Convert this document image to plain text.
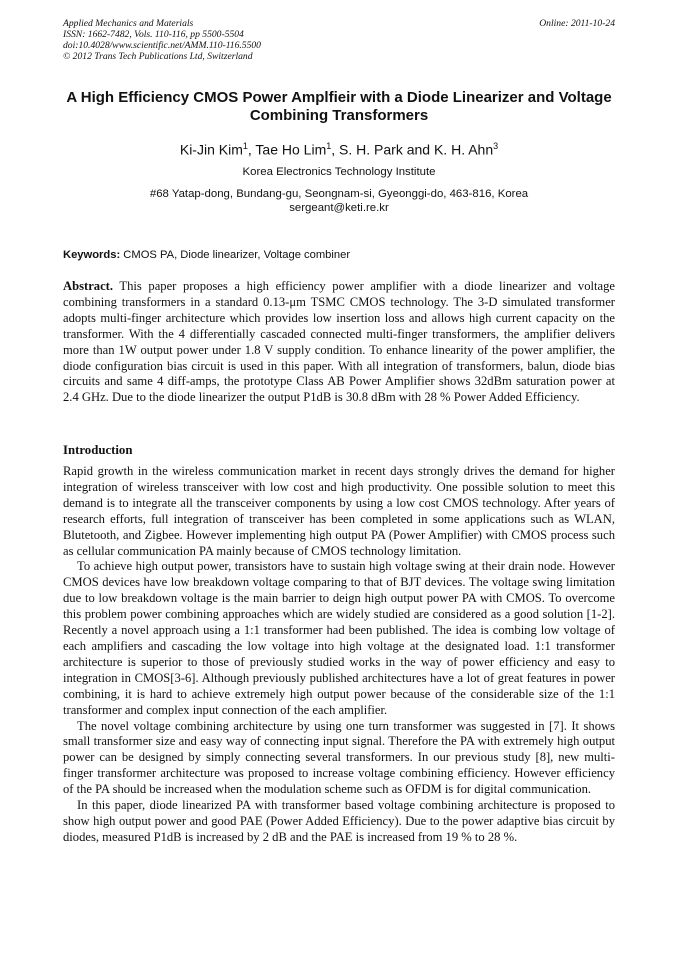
Applied Mechanics and Materials
ISSN: 1662-7482, Vols. 110-116, pp 5500-5504
doi:10.4028/www.scientific.net/AMM.110-116.5500
© 2012 Trans Tech Publications Ltd, Switzerland
Online: 2011-10-24
A High Efficiency CMOS Power Amplfieir with a Diode Linearizer and Voltage Combining Transformers
Ki-Jin Kim$^1$, Tae Ho Lim$^1$, S. H. Park and K. H. Ahn$^3$
Korea Electronics Technology Institute
#68 Yatap-dong, Bundang-gu, Seongnam-si, Gyeonggi-do, 463-816, Korea
sergeant@keti.re.kr
Keywords: CMOS PA, Diode linearizer, Voltage combiner

Abstract. This paper proposes a high efficiency power amplifier with a diode linearizer and voltage combining transformers in a standard 0.13-μm TSMC CMOS technology. The 3-D simulated transformer adopts multi-finger architecture which provides low insertion loss and allows high current capacity on the transformer. With the 4 differentially cascaded connected multi-finger transformers, the amplifier delivers more than 1W output power under 1.8 V supply condition. To enhance linearity of the power amplifier, the diode configuration bias circuit is used in this paper. With all integration of transformers, balun, diode bias circuits and same 4 diff-amps, the prototype Class AB Power Amplifier shows 32dBm saturation power at 2.4 GHz. Due to the diode linearizer the output P1dB is 30.8 dBm with 28 % Power Added Efficiency.

Introduction

Rapid growth in the wireless communication market in recent days strongly drives the demand for higher integration of wireless transceiver with low cost and high productivity. One possible solution to meet this demand is to integrate all the transceiver components by using a low cost CMOS technology. After years of research efforts, full integration of transceiver has been completed in some applications such as WLAN, Blutetooth, and Zigbee. However implementing high output PA (Power Amplifier) with CMOS process such as cellular communication PA mainly because of CMOS technology limitation.

To achieve high output power, transistors have to sustain high voltage swing at their drain node. However CMOS devices have low breakdown voltage comparing to that of BJT devices. The voltage swing limitation due to low breakdown voltage is the main barrier to deign high output power PA with CMOS. To overcome this problem power combining approaches which are widely studied are considered as a good solution [1-2]. Recently a novel approach using a 1:1 transformer had been published. The idea is combing low voltage of each amplifiers and cascading the low voltage into high voltage at the designated load. 1:1 transformer architecture is superior to those of previously studied works in the way of power efficiency and easy to integration in CMOS[3-6]. Although previously published architectures have a lot of great features in power combining, it is hard to achieve extremely high output power because of the considerable size of the 1:1 transformer and complex input connection of the each amplifier.

The novel voltage combining architecture by using one turn transformer was suggested in [7]. It shows small transformer size and easy way of connecting input signal. Therefore the PA with extremely high output power can be designed by simply connecting several transformers. In our previous study [8], new multi-finger transformer architecture was proposed to increase voltage combining efficiency. However efficiency of the PA should be increased when the modulation scheme such as OFDM is for digital communication.

In this paper, diode linearized PA with transformer based voltage combining architecture is proposed to show high output power and good PAE (Power Added Efficiency). Due to the power adaptive bias circuit by diodes, measured P1dB is increased by 2 dB and the PAE is increased from 19 % to 28 %.
